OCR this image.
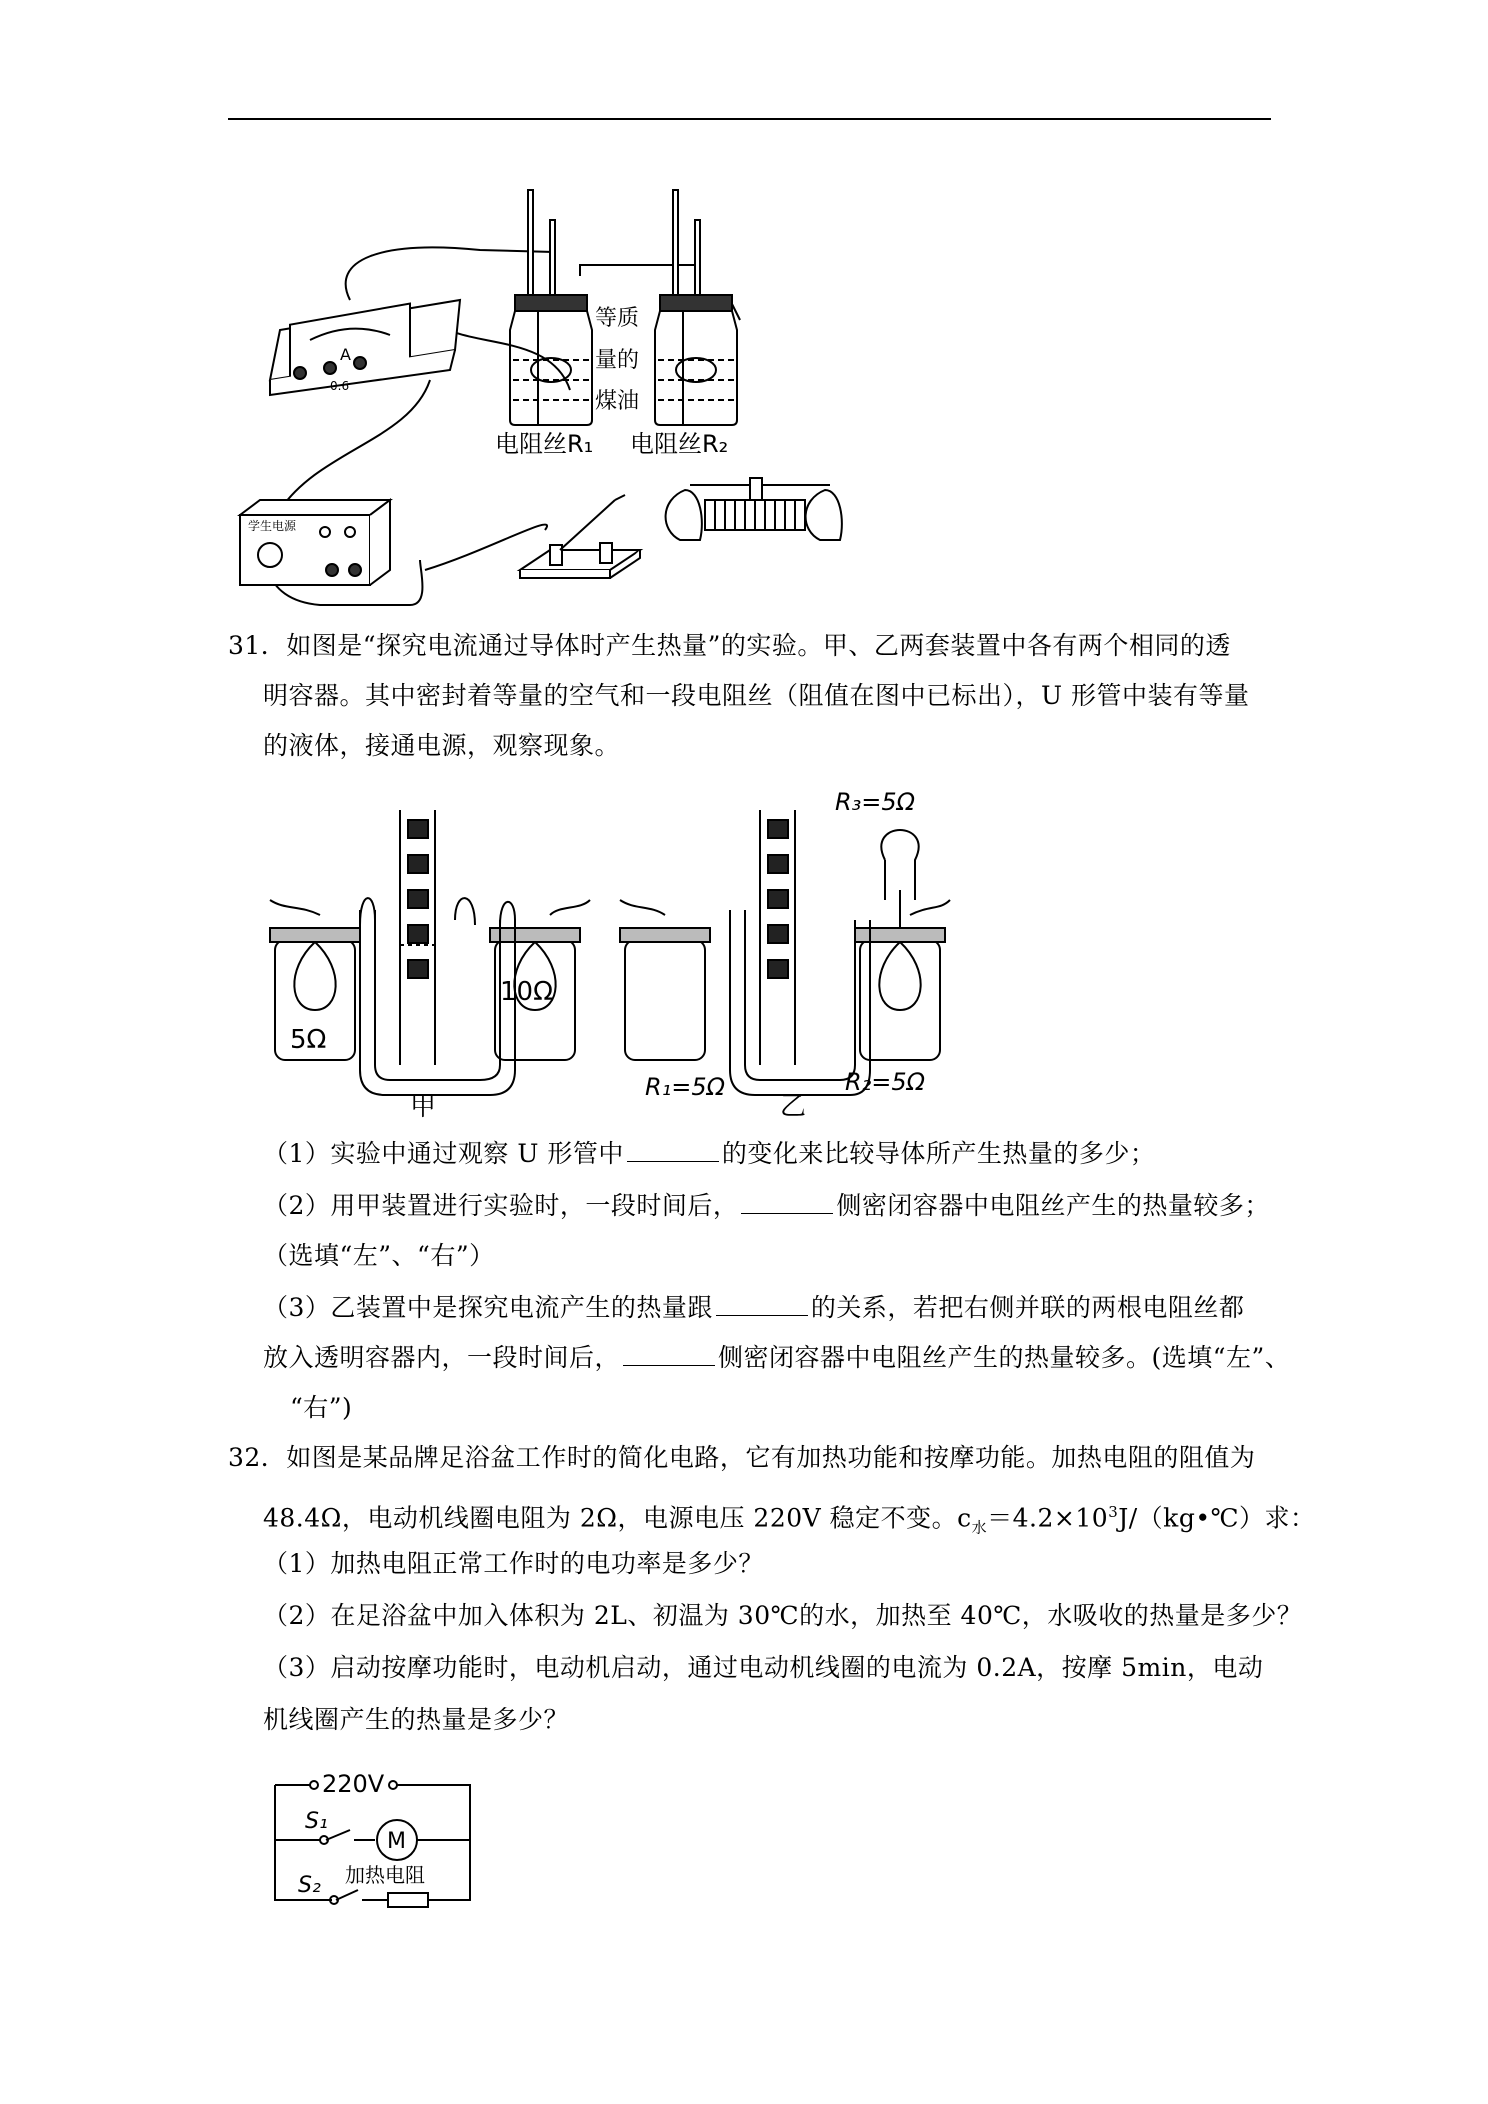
等质
量的
煤油
电阻丝R₁ 电阻丝R₂
A
0.6
学生电源
31．如图是“探究电流通过导体时产生热量”的实验。甲、乙两套装置中各有两个相同的透
明容器。其中密封着等量的空气和一段电阻丝（阻值在图中已标出），U 形管中装有等量
的液体，接通电源，观察现象。
5Ω
10Ω
甲
R₃=5Ω
R₁=5Ω	R₂=5Ω
乙
（1）实验中通过观察 U 形管中	的变化来比较导体所产生热量的多少；
（2）用甲装置进行实验时，一段时间后，	侧密闭容器中电阻丝产生的热量较多；
（选填“左”、“右”）
（3）乙装置中是探究电流产生的热量跟	的关系，若把右侧并联的两根电阻丝都
放入透明容器内，一段时间后，	侧密闭容器中电阻丝产生的热量较多。(选填“左”、
“右”)
32．如图是某品牌足浴盆工作时的简化电路，它有加热功能和按摩功能。加热电阻的阻值为
48.4Ω，电动机线圈电阻为 2Ω，电源电压 220V 稳定不变。$c_水=4.2\times 10^3J/(kg•℃)$求：
（1）加热电阻正常工作时的电功率是多少？
（2）在足浴盆中加入体积为 2L、初温为 30℃的水，加热至 40℃，水吸收的热量是多少？
（3）启动按摩功能时，电动机启动，通过电动机线圈的电流为 0.2A，按摩 5min，电动
机线圈产生的热量是多少？
220V
S₁
M
S₂ 加热电阻
